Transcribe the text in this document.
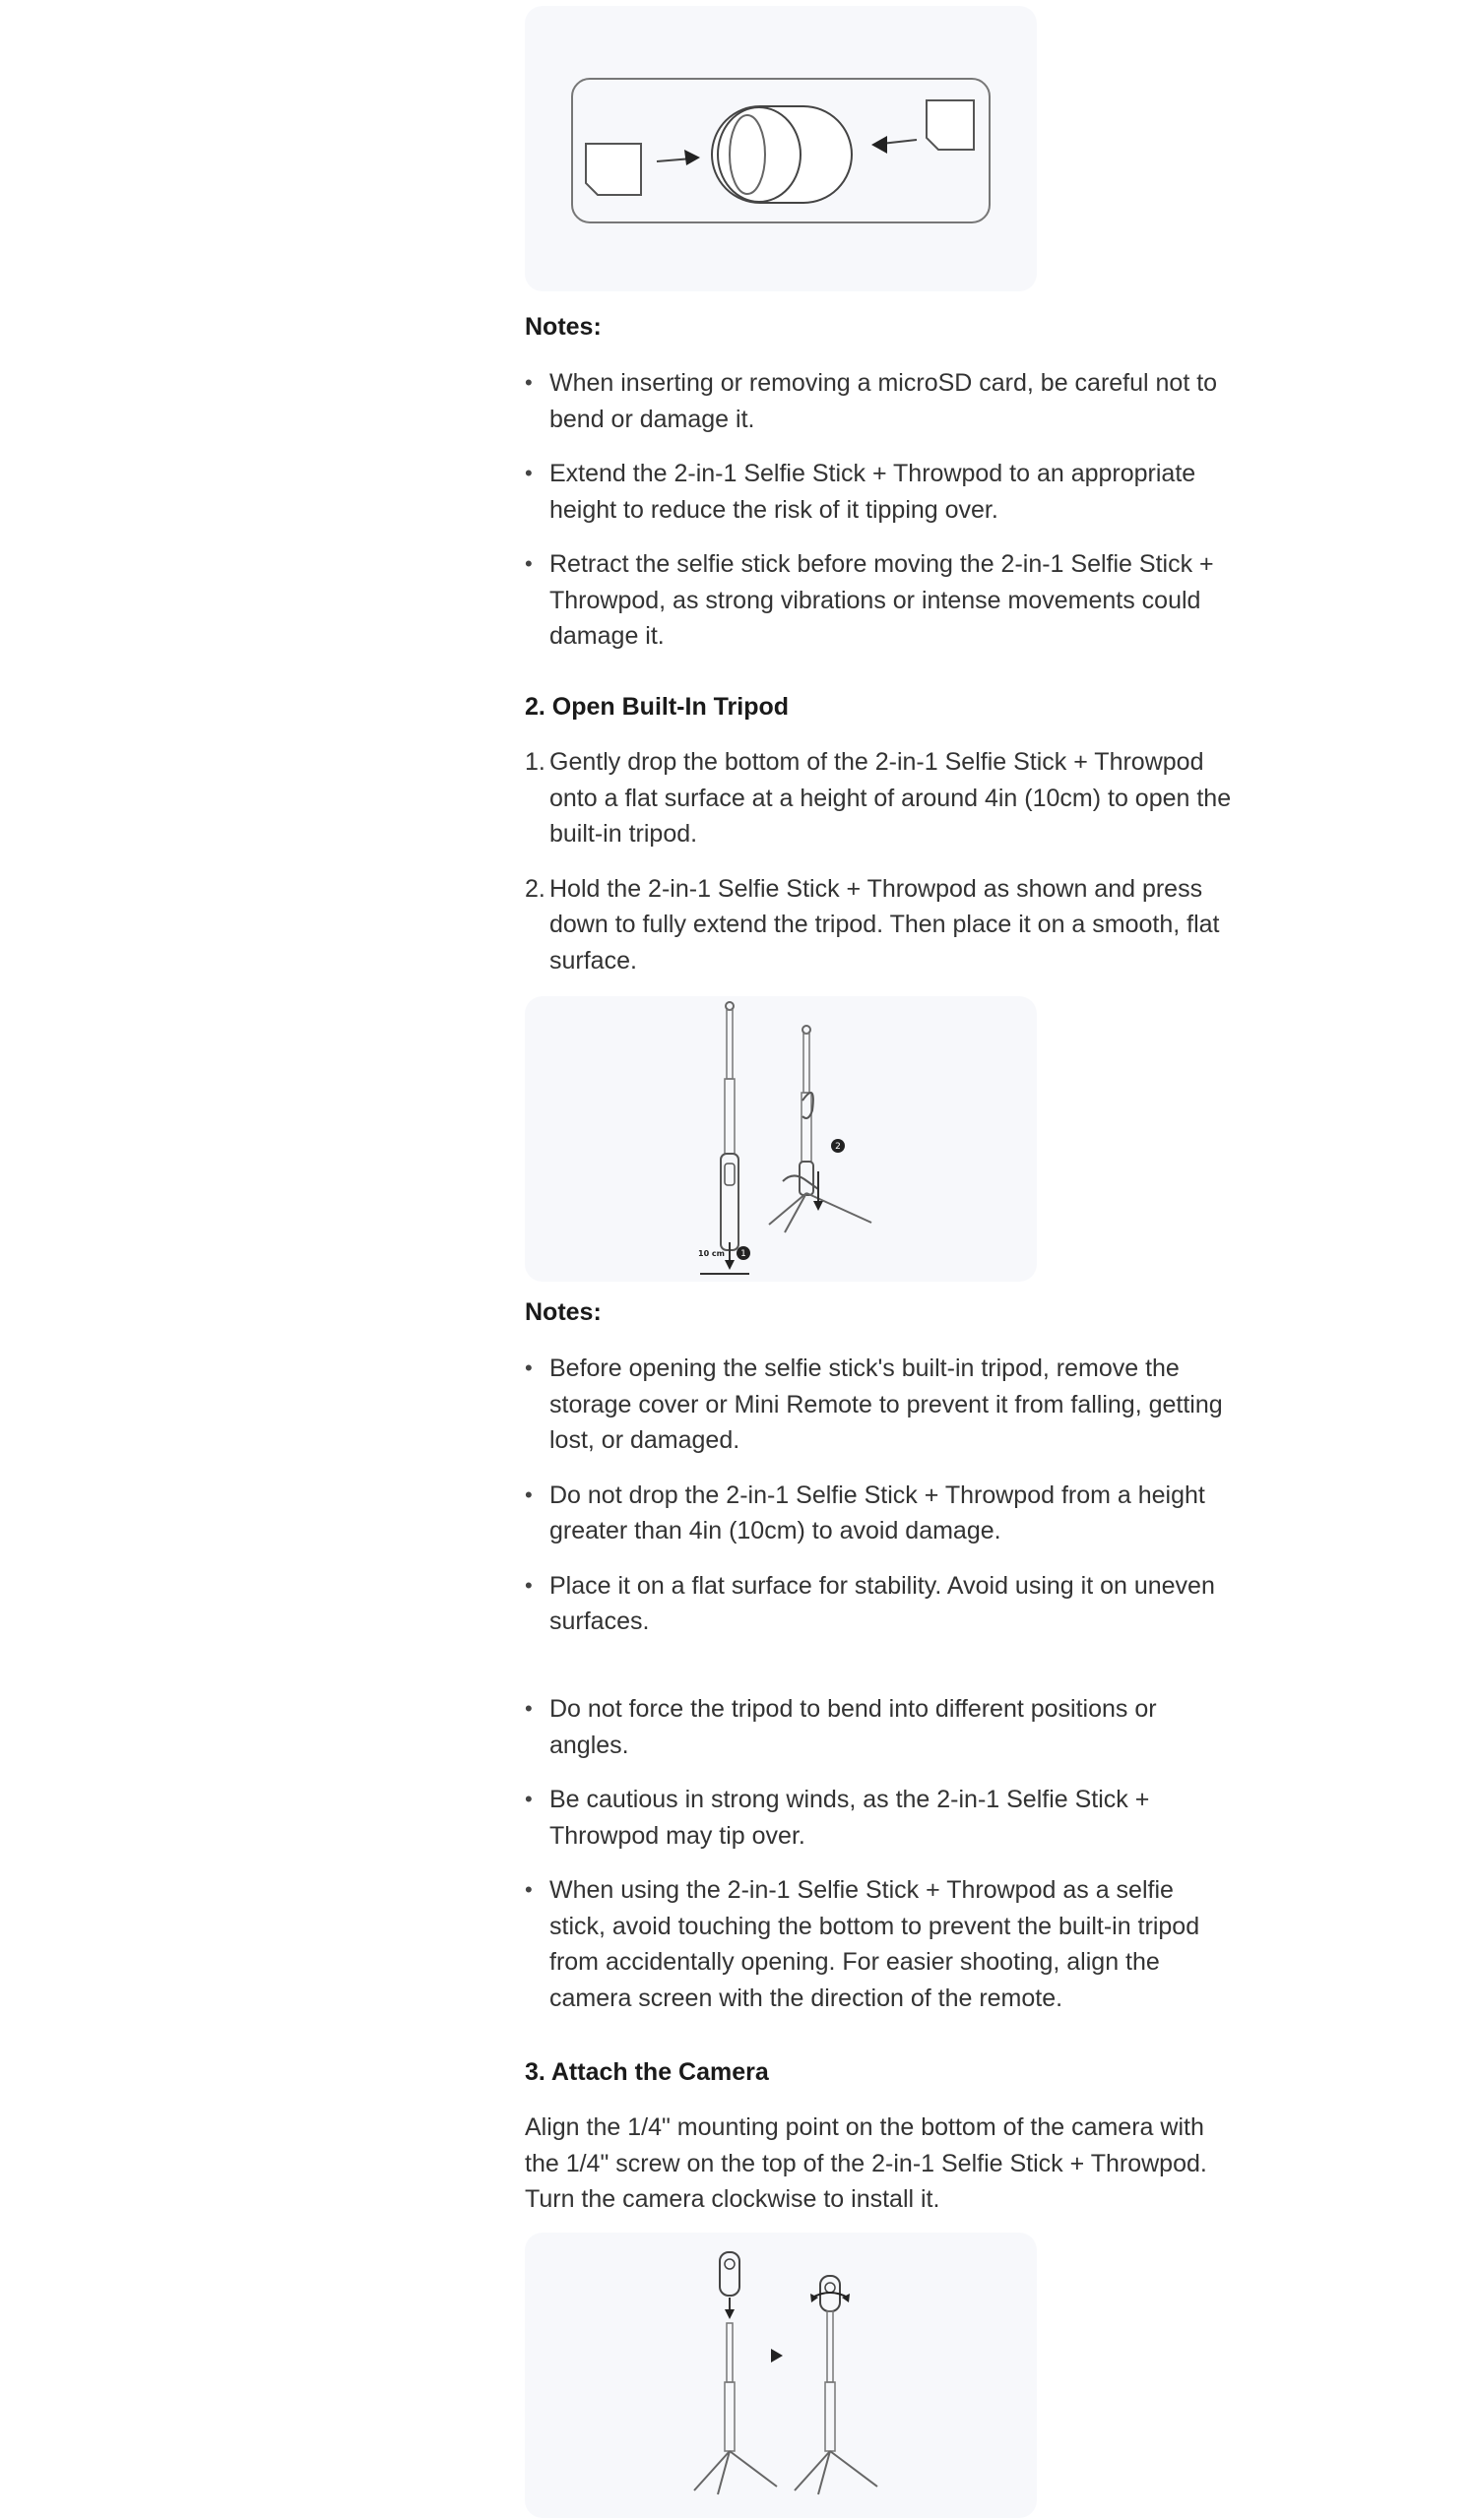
Notes:

• When inserting or removing a microSD card, be careful not to bend or damage it.
• Extend the 2-in-1 Selfie Stick + Throwpod to an appropriate height to reduce the risk of it tipping over.
• Retract the selfie stick before moving the 2-in-1 Selfie Stick + Throwpod, as strong vibrations or intense movements could damage it.

2. Open Built-In Tripod

1. Gently drop the bottom of the 2-in-1 Selfie Stick + Throwpod onto a flat surface at a height of around 4in (10cm) to open the built-in tripod.
2. Hold the 2-in-1 Selfie Stick + Throwpod as shown and press down to fully extend the tripod. Then place it on a smooth, flat surface.
10 cm 1
2

Notes:

• Before opening the selfie stick's built-in tripod, remove the storage cover or Mini Remote to prevent it from falling, getting lost, or damaged.
• Do not drop the 2-in-1 Selfie Stick + Throwpod from a height greater than 4in (10cm) to avoid damage.
• Place it on a flat surface for stability. Avoid using it on uneven surfaces.
• Do not force the tripod to bend into different positions or angles.
• Be cautious in strong winds, as the 2-in-1 Selfie Stick + Throwpod may tip over.
• When using the 2-in-1 Selfie Stick + Throwpod as a selfie stick, avoid touching the bottom to prevent the built-in tripod from accidentally opening. For easier shooting, align the camera screen with the direction of the remote.

3. Attach the Camera

Align the 1/4" mounting point on the bottom of the camera with the 1/4" screw on the top of the 2-in-1 Selfie Stick + Throwpod. Turn the camera clockwise to install it.
